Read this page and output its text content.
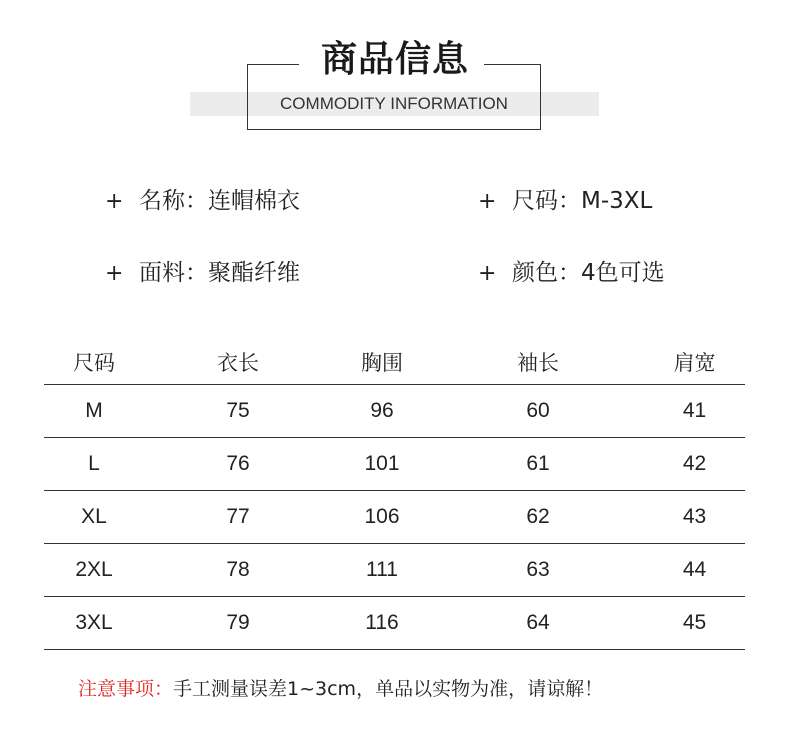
商品信息
COMMODITY INFORMATION
+ 名称：连帽棉衣	+ 尺码：M-3XL
+ 面料：聚酯纤维	+ 颜色：4色可选
尺码	衣长	胸围	袖长	肩宽
M	75	96	60	41
L	76	101	61	42
XL	77	106	62	43
2XL	78	111	63	44
3XL	79	116	64	45
注意事项：手工测量误差1~3cm，单品以实物为准，请谅解！
